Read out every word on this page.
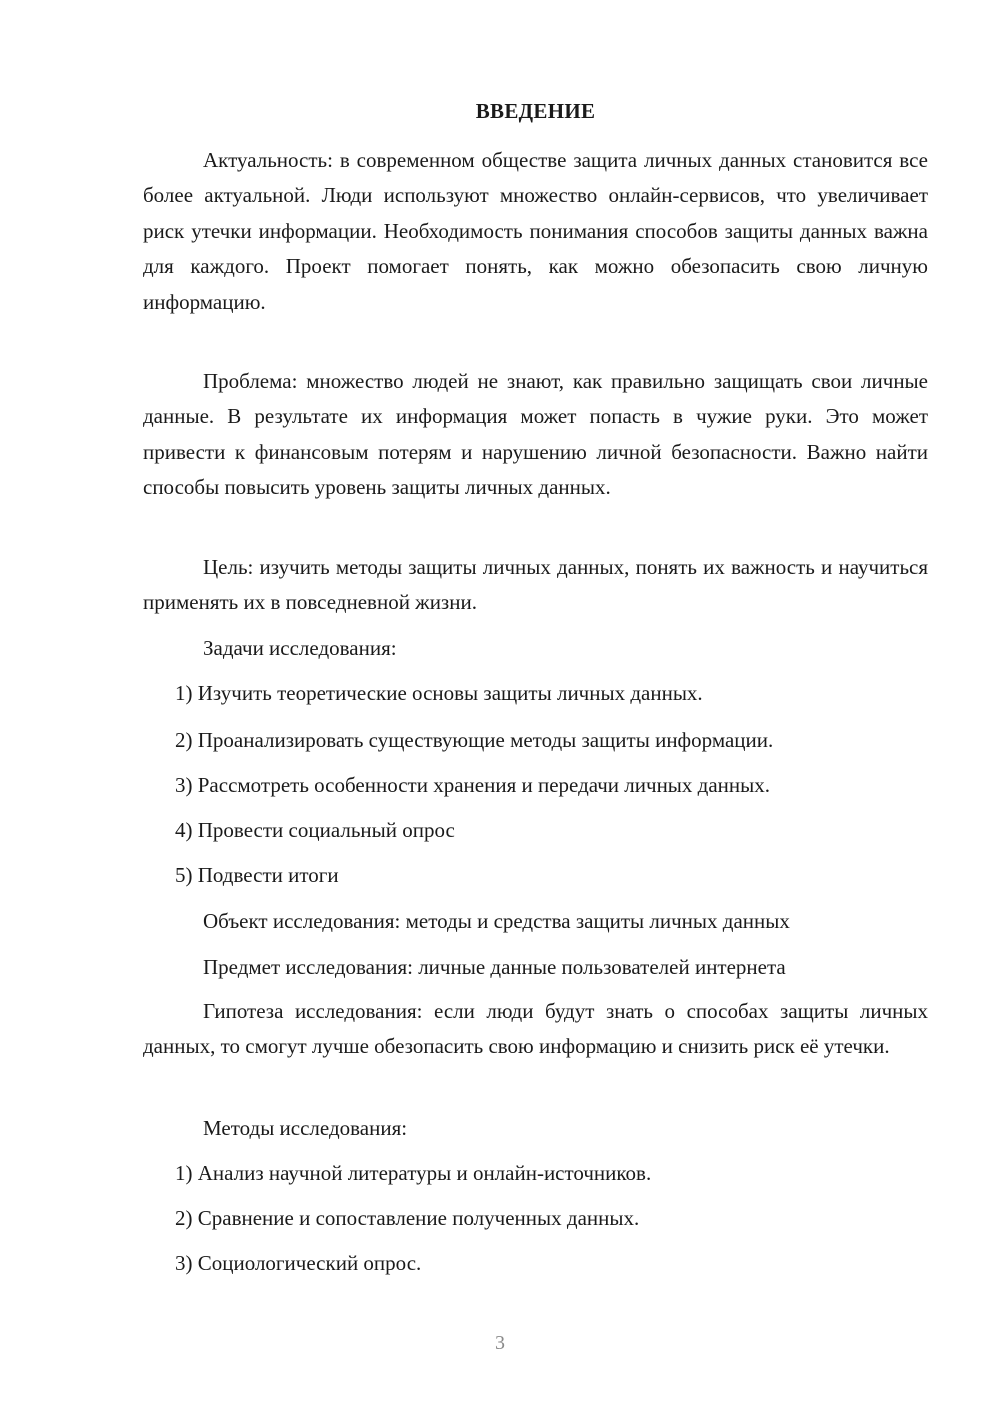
ВВЕДЕНИЕ

Актуальность: в современном обществе защита личных данных становится все более актуальной. Люди используют множество онлайн-сервисов, что увеличивает риск утечки информации. Необходимость понимания способов защиты данных важна для каждого. Проект помогает понять, как можно обезопасить свою личную информацию.

Проблема: множество людей не знают, как правильно защищать свои личные данные. В результате их информация может попасть в чужие руки. Это может привести к финансовым потерям и нарушению личной безопасности. Важно найти способы повысить уровень защиты личных данных.

Цель: изучить методы защиты личных данных, понять их важность и научиться применять их в повседневной жизни.

Задачи исследования:
1) Изучить теоретические основы защиты личных данных.
2) Проанализировать существующие методы защиты информации.
3) Рассмотреть особенности хранения и передачи личных данных.
4) Провести социальный опрос
5) Подвести итоги
Объект исследования: методы и средства защиты личных данных
Предмет исследования: личные данные пользователей интернета

Гипотеза исследования: если люди будут знать о способах защиты личных данных, то смогут лучше обезопасить свою информацию и снизить риск её утечки.

Методы исследования:
1) Анализ научной литературы и онлайн-источников.
2) Сравнение и сопоставление полученных данных.
3) Социологический опрос.
3
